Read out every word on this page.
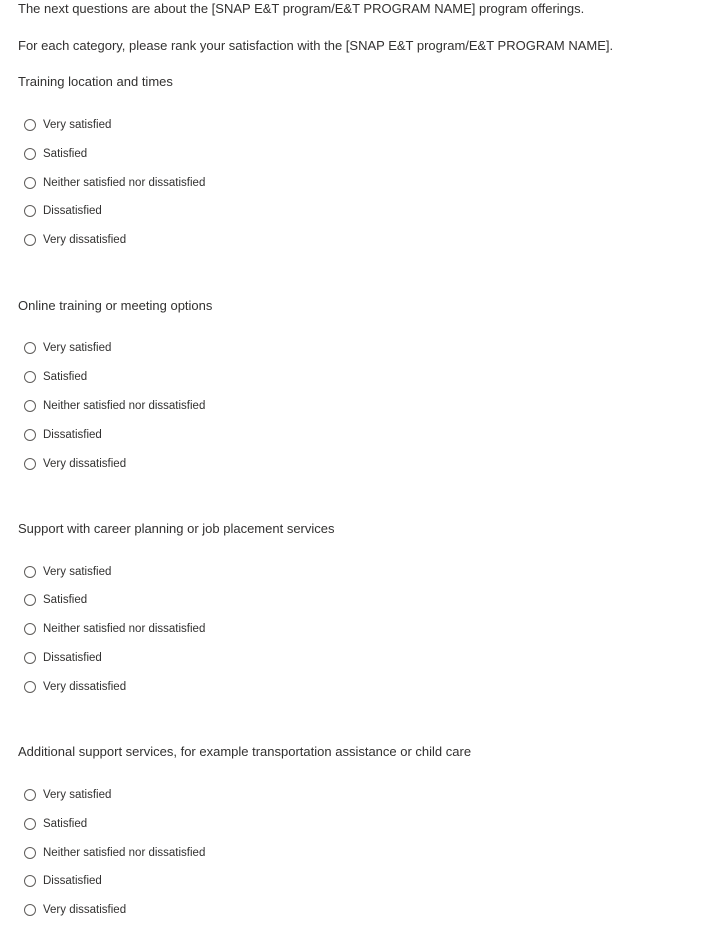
The next questions are about the [SNAP E&T program/E&T PROGRAM NAME] program offerings.
For each category, please rank your satisfaction with the [SNAP E&T program/E&T PROGRAM NAME].
Training location and times
Very satisfied
Satisfied
Neither satisfied nor dissatisfied
Dissatisfied
Very dissatisfied
Online training or meeting options
Very satisfied
Satisfied
Neither satisfied nor dissatisfied
Dissatisfied
Very dissatisfied
Support with career planning or job placement services
Very satisfied
Satisfied
Neither satisfied nor dissatisfied
Dissatisfied
Very dissatisfied
Additional support services, for example transportation assistance or child care
Very satisfied
Satisfied
Neither satisfied nor dissatisfied
Dissatisfied
Very dissatisfied
